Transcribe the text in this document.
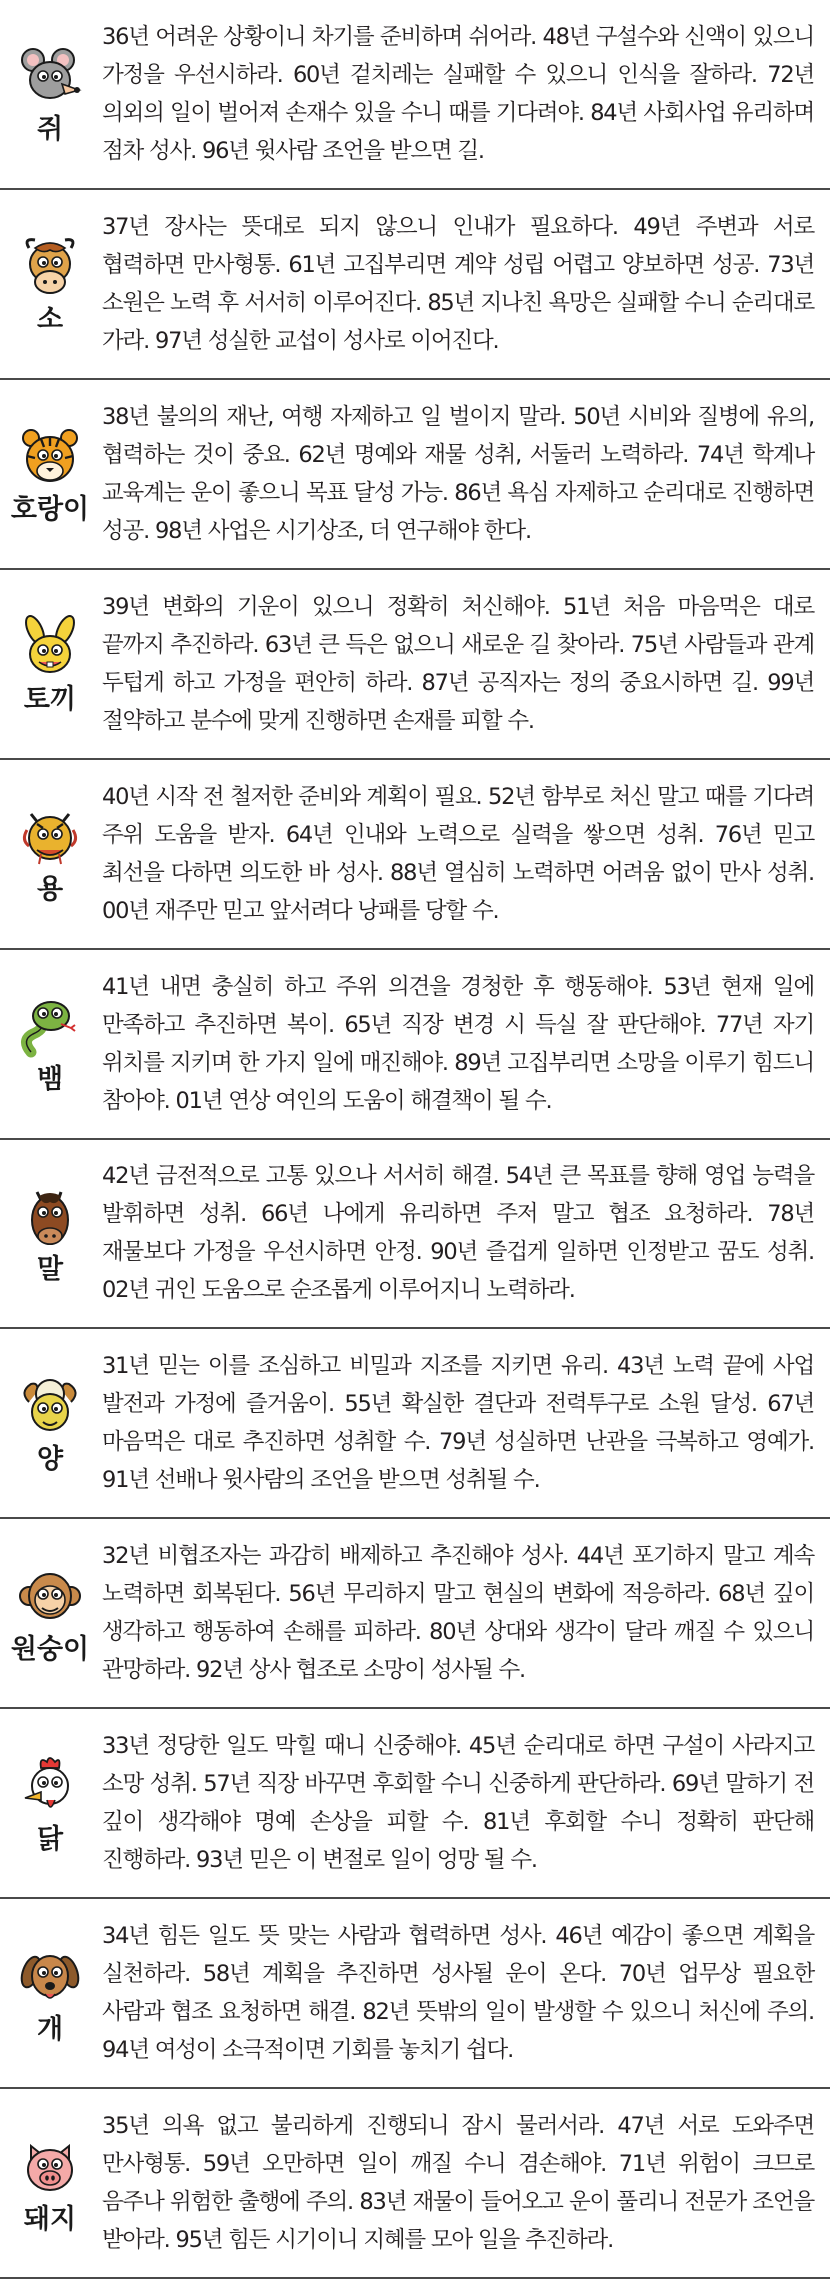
쥐

36년 어려운 상황이니 차기를 준비하며 쉬어라. 48년 구설수와 신액이 있으니 가정을 우선시하라. 60년 겉치레는 실패할 수 있으니 인식을 잘하라. 72년 의외의 일이 벌어져 손재수 있을 수니 때를 기다려야. 84년 사회사업 유리하며 점차 성사. 96년 윗사람 조언을 받으면 길.

소

37년 장사는 뜻대로 되지 않으니 인내가 필요하다. 49년 주변과 서로 협력하면 만사형통. 61년 고집부리면 계약 성립 어렵고 양보하면 성공. 73년 소원은 노력 후 서서히 이루어진다. 85년 지나친 욕망은 실패할 수니 순리대로 가라. 97년 성실한 교섭이 성사로 이어진다.

호랑이

38년 불의의 재난, 여행 자제하고 일 벌이지 말라. 50년 시비와 질병에 유의, 협력하는 것이 중요. 62년 명예와 재물 성취, 서둘러 노력하라. 74년 학계나 교육계는 운이 좋으니 목표 달성 가능. 86년 욕심 자제하고 순리대로 진행하면 성공. 98년 사업은 시기상조, 더 연구해야 한다.

토끼

39년 변화의 기운이 있으니 정확히 처신해야. 51년 처음 마음먹은 대로 끝까지 추진하라. 63년 큰 득은 없으니 새로운 길 찾아라. 75년 사람들과 관계 두텁게 하고 가정을 편안히 하라. 87년 공직자는 정의 중요시하면 길. 99년 절약하고 분수에 맞게 진행하면 손재를 피할 수.

용

40년 시작 전 철저한 준비와 계획이 필요. 52년 함부로 처신 말고 때를 기다려 주위 도움을 받자. 64년 인내와 노력으로 실력을 쌓으면 성취. 76년 믿고 최선을 다하면 의도한 바 성사. 88년 열심히 노력하면 어려움 없이 만사 성취. 00년 재주만 믿고 앞서려다 낭패를 당할 수.

뱀

41년 내면 충실히 하고 주위 의견을 경청한 후 행동해야. 53년 현재 일에 만족하고 추진하면 복이. 65년 직장 변경 시 득실 잘 판단해야. 77년 자기 위치를 지키며 한 가지 일에 매진해야. 89년 고집부리면 소망을 이루기 힘드니 참아야. 01년 연상 여인의 도움이 해결책이 될 수.

말

42년 금전적으로 고통 있으나 서서히 해결. 54년 큰 목표를 향해 영업 능력을 발휘하면 성취. 66년 나에게 유리하면 주저 말고 협조 요청하라. 78년 재물보다 가정을 우선시하면 안정. 90년 즐겁게 일하면 인정받고 꿈도 성취. 02년 귀인 도움으로 순조롭게 이루어지니 노력하라.

양

31년 믿는 이를 조심하고 비밀과 지조를 지키면 유리. 43년 노력 끝에 사업 발전과 가정에 즐거움이. 55년 확실한 결단과 전력투구로 소원 달성. 67년 마음먹은 대로 추진하면 성취할 수. 79년 성실하면 난관을 극복하고 영예가. 91년 선배나 윗사람의 조언을 받으면 성취될 수.

원숭이

32년 비협조자는 과감히 배제하고 추진해야 성사. 44년 포기하지 말고 계속 노력하면 회복된다. 56년 무리하지 말고 현실의 변화에 적응하라. 68년 깊이 생각하고 행동하여 손해를 피하라. 80년 상대와 생각이 달라 깨질 수 있으니 관망하라. 92년 상사 협조로 소망이 성사될 수.

닭

33년 정당한 일도 막힐 때니 신중해야. 45년 순리대로 하면 구설이 사라지고 소망 성취. 57년 직장 바꾸면 후회할 수니 신중하게 판단하라. 69년 말하기 전 깊이 생각해야 명예 손상을 피할 수. 81년 후회할 수니 정확히 판단해 진행하라. 93년 믿은 이 변절로 일이 엉망 될 수.

개

34년 힘든 일도 뜻 맞는 사람과 협력하면 성사. 46년 예감이 좋으면 계획을 실천하라. 58년 계획을 추진하면 성사될 운이 온다. 70년 업무상 필요한 사람과 협조 요청하면 해결. 82년 뜻밖의 일이 발생할 수 있으니 처신에 주의. 94년 여성이 소극적이면 기회를 놓치기 쉽다.

돼지

35년 의욕 없고 불리하게 진행되니 잠시 물러서라. 47년 서로 도와주면 만사형통. 59년 오만하면 일이 깨질 수니 겸손해야. 71년 위험이 크므로 음주나 위험한 출행에 주의. 83년 재물이 들어오고 운이 풀리니 전문가 조언을 받아라. 95년 힘든 시기이니 지혜를 모아 일을 추진하라.
